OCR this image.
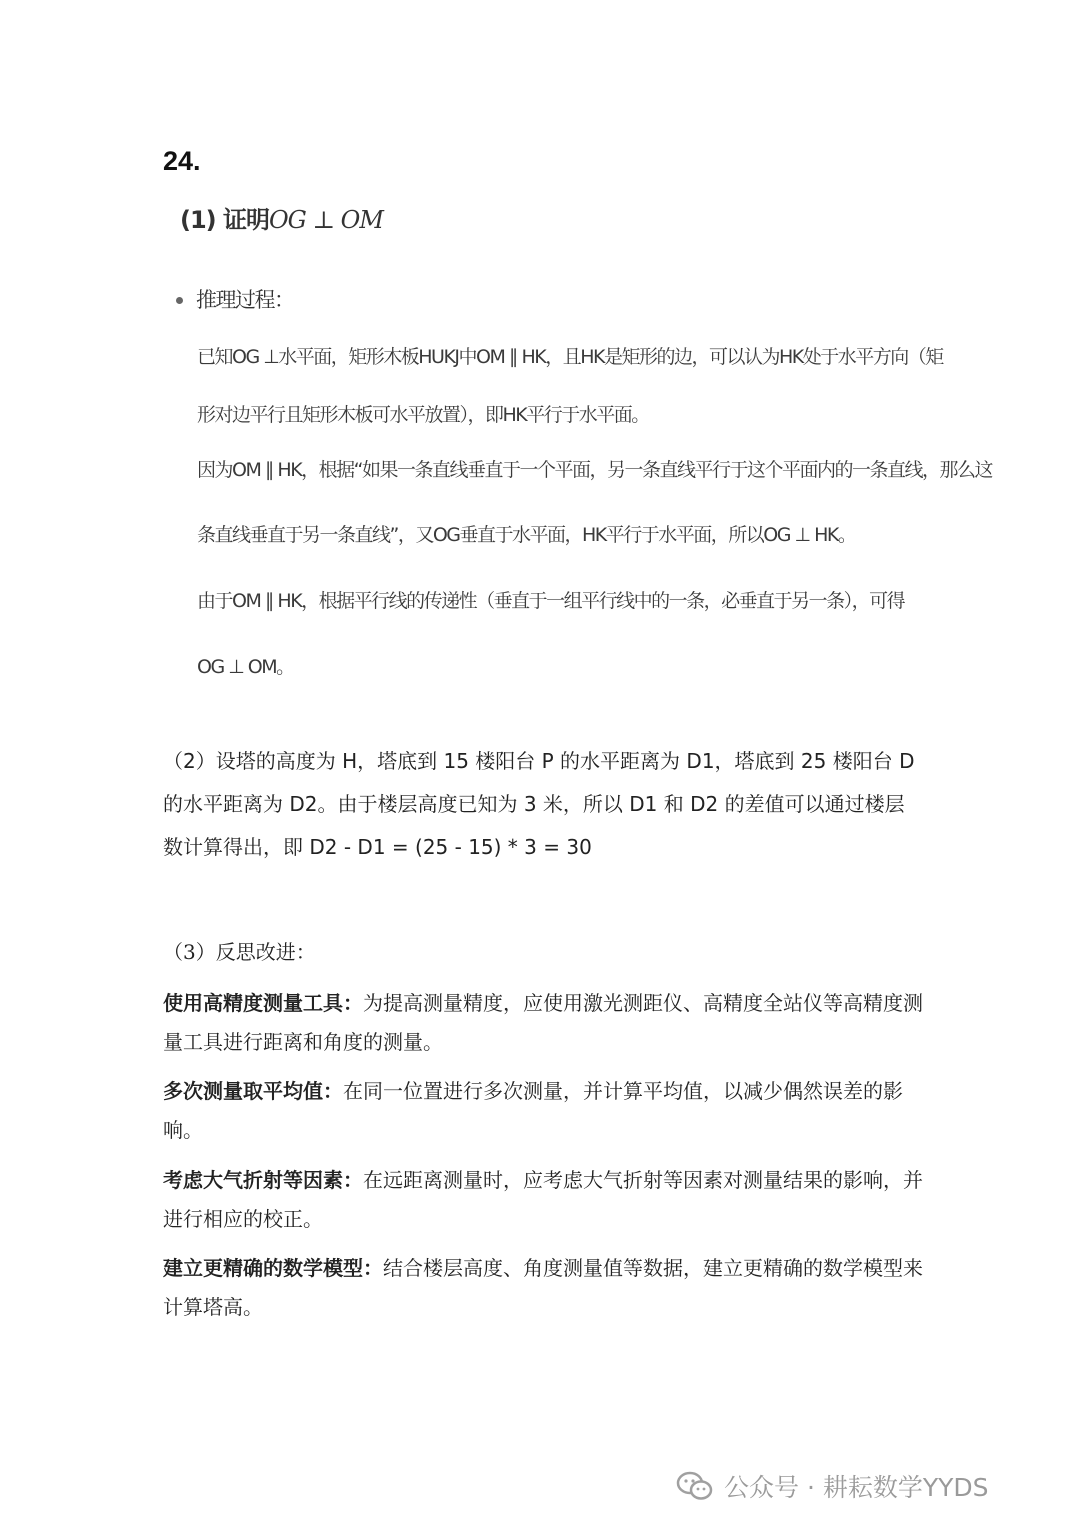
24.
(1) 证明OG ⊥ OM
推理过程：
已知OG ⊥水平面，矩形木板HUKJ中OM ∥ HK，且HK是矩形的边，可以认为HK处于水平方向（矩
形对边平行且矩形木板可水平放置），即HK平行于水平面。
因为OM ∥ HK，根据“如果一条直线垂直于一个平面，另一条直线平行于这个平面内的一条直线，那么这
条直线垂直于另一条直线”，又OG垂直于水平面，HK平行于水平面，所以OG ⊥ HK。
由于OM ∥ HK，根据平行线的传递性（垂直于一组平行线中的一条，必垂直于另一条），可得
OG ⊥ OM。
（2）设塔的高度为 H，塔底到 15 楼阳台 P 的水平距离为 D1，塔底到 25 楼阳台 D 的水平距离为 D2。由于楼层高度已知为 3 米，所以 D1 和 D2 的差值可以通过楼层数计算得出，即 D2 - D1 = (25 - 15) * 3 = 30
（3）反思改进：
使用高精度测量工具：为提高测量精度，应使用激光测距仪、高精度全站仪等高精度测量工具进行距离和角度的测量。
多次测量取平均值：在同一位置进行多次测量，并计算平均值，以减少偶然误差的影响。
考虑大气折射等因素：在远距离测量时，应考虑大气折射等因素对测量结果的影响，并进行相应的校正。
建立更精确的数学模型：结合楼层高度、角度测量值等数据，建立更精确的数学模型来计算塔高。
公众号 · 耕耘数学YYDS
